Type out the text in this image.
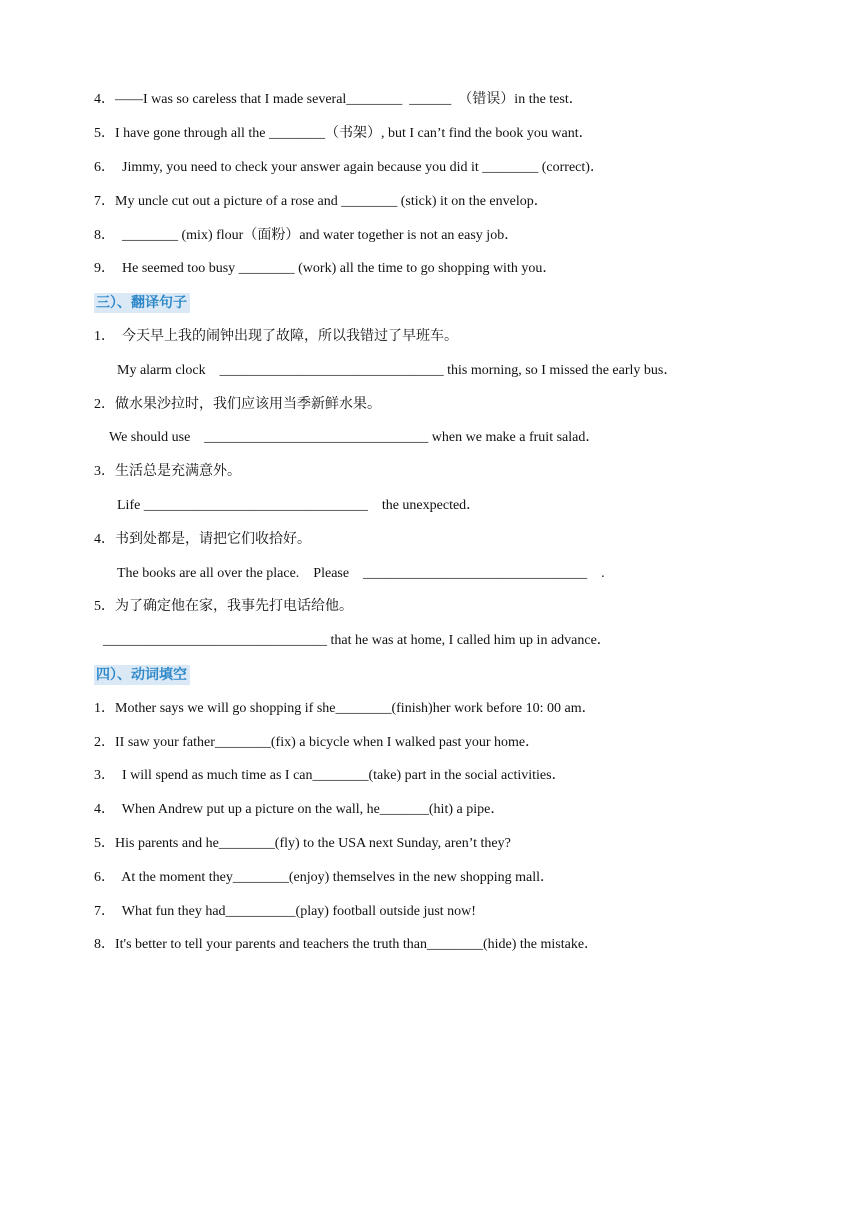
4．——I was so careless that I made several________  ______  （错误）in the test．
5．I have gone through all the ________（书架）, but I can’t find the book you want．
6．  Jimmy, you need to check your answer again because you did it ________ (correct)．
7．My uncle cut out a picture of a rose and ________ (stick) it on the envelop．
8．  ________ (mix) flour（面粉）and water together is not an easy job．
9．  He seemed too busy ________ (work) all the time to go shopping with you．
三）、翻译句子
1．  今天早上我的闹钟出现了故障，所以我错过了早班车。
My alarm clock    ________________________________ this morning, so I missed the early bus．
2．做水果沙拉时，我们应该用当季新鲜水果。
We should use    ________________________________ when we make a fruit salad．
3．生活总是充满意外。
Life ________________________________    the unexpected．
4．书到处都是，请把它们收拾好。
The books are all over the place.    Please    ________________________________    .
5．为了确定他在家，我事先打电话给他。
________________________________ that he was at home, I called him up in advance．
四）、动词填空
1．Mother says we will go shopping if she________(finish)her work before 10: 00 am．
2．II saw your father________(fix) a bicycle when I walked past your home．
3．  I will spend as much time as I can________(take) part in the social activities．
4．  When Andrew put up a picture on the wall, he_______(hit) a pipe．
5．His parents and he________(fly) to the USA next Sunday, aren’t they?
6．  At the moment they________(enjoy) themselves in the new shopping mall．
7．  What fun they had__________(play) football outside just now!
8．It's better to tell your parents and teachers the truth than________(hide) the mistake．
